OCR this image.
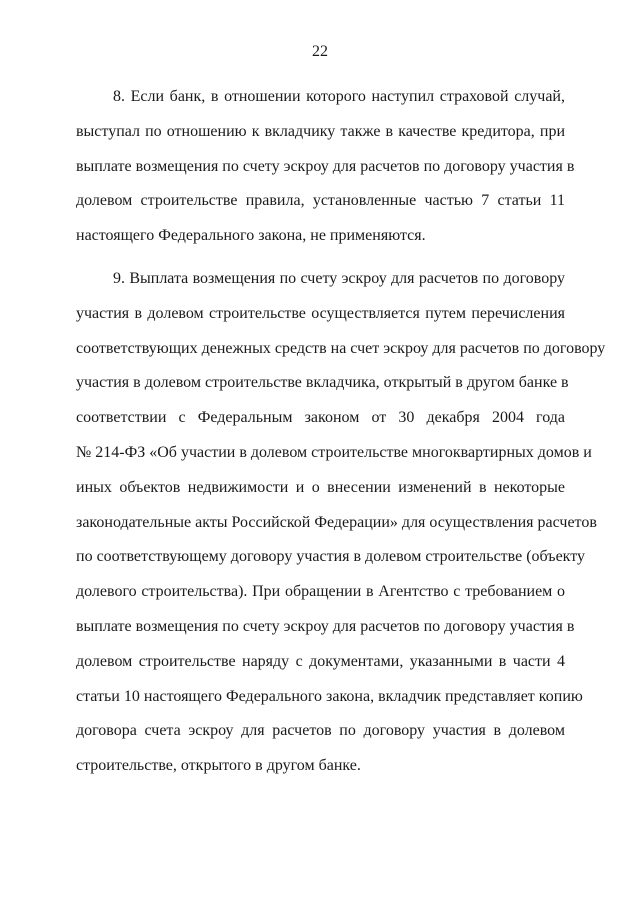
22
8. Если банк, в отношении которого наступил страховой случай,
выступал по отношению к вкладчику также в качестве кредитора, при
выплате возмещения по счету эскроу для расчетов по договору участия в
долевом строительстве правила, установленные частью 7 статьи 11
настоящего Федерального закона, не применяются.
9. Выплата возмещения по счету эскроу для расчетов по договору
участия в долевом строительстве осуществляется путем перечисления
соответствующих денежных средств на счет эскроу для расчетов по договору
участия в долевом строительстве вкладчика, открытый в другом банке в
соответствии с Федеральным законом от 30 декабря 2004 года
№ 214-ФЗ «Об участии в долевом строительстве многоквартирных домов и
иных объектов недвижимости и о внесении изменений в некоторые
законодательные акты Российской Федерации» для осуществления расчетов
по соответствующему договору участия в долевом строительстве (объекту
долевого строительства). При обращении в Агентство с требованием о
выплате возмещения по счету эскроу для расчетов по договору участия в
долевом строительстве наряду с документами, указанными в части 4
статьи 10 настоящего Федерального закона, вкладчик представляет копию
договора счета эскроу для расчетов по договору участия в долевом
строительстве, открытого в другом банке.
